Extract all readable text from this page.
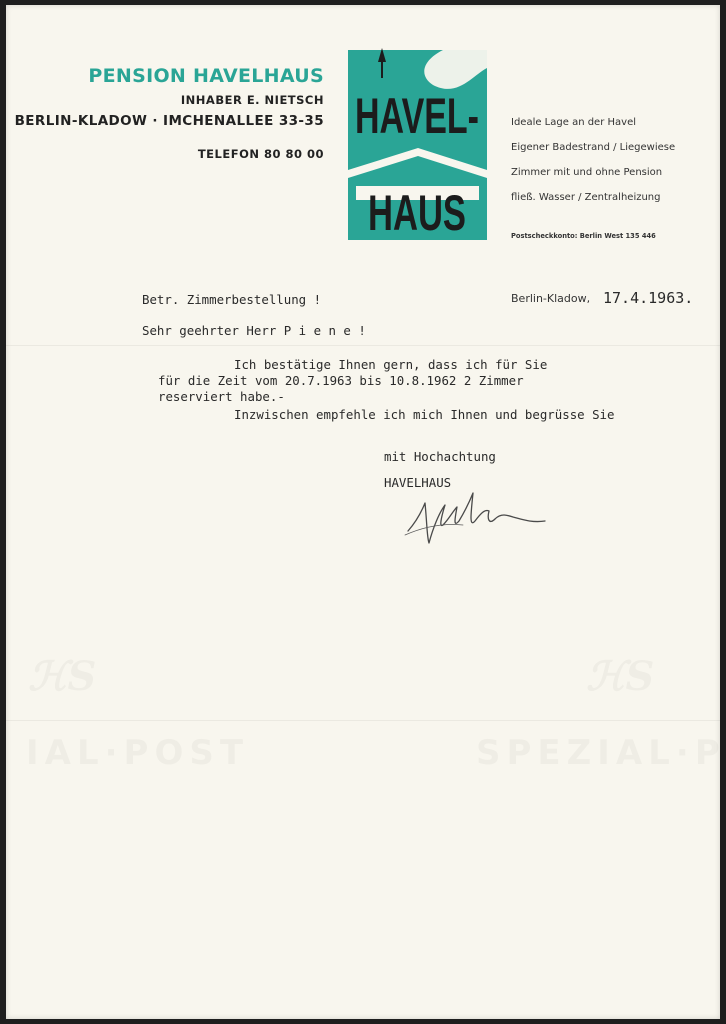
PENSION HAVELHAUS
INHABER E. NIETSCH
BERLIN-KLADOW · IMCHENALLEE 33-35
TELEFON 80 80 00
HAVEL-
HAUS
Ideale Lage an der Havel
Eigener Badestrand / Liegewiese
Zimmer mit und ohne Pension
fließ. Wasser / Zentralheizung
Postscheckkonto: Berlin West 135 446
Betr. Zimmerbestellung !	Berlin-Kladow, 17.4.1963.
Sehr geehrter Herr P i e n e !
Ich bestätige Ihnen gern, dass ich für Sie
für die Zeit vom 20.7.1963 bis 10.8.1962 2 Zimmer
reserviert habe.-
Inzwischen empfehle ich mich Ihnen und begrüsse Sie
mit Hochachtung
HAVELHAUS
